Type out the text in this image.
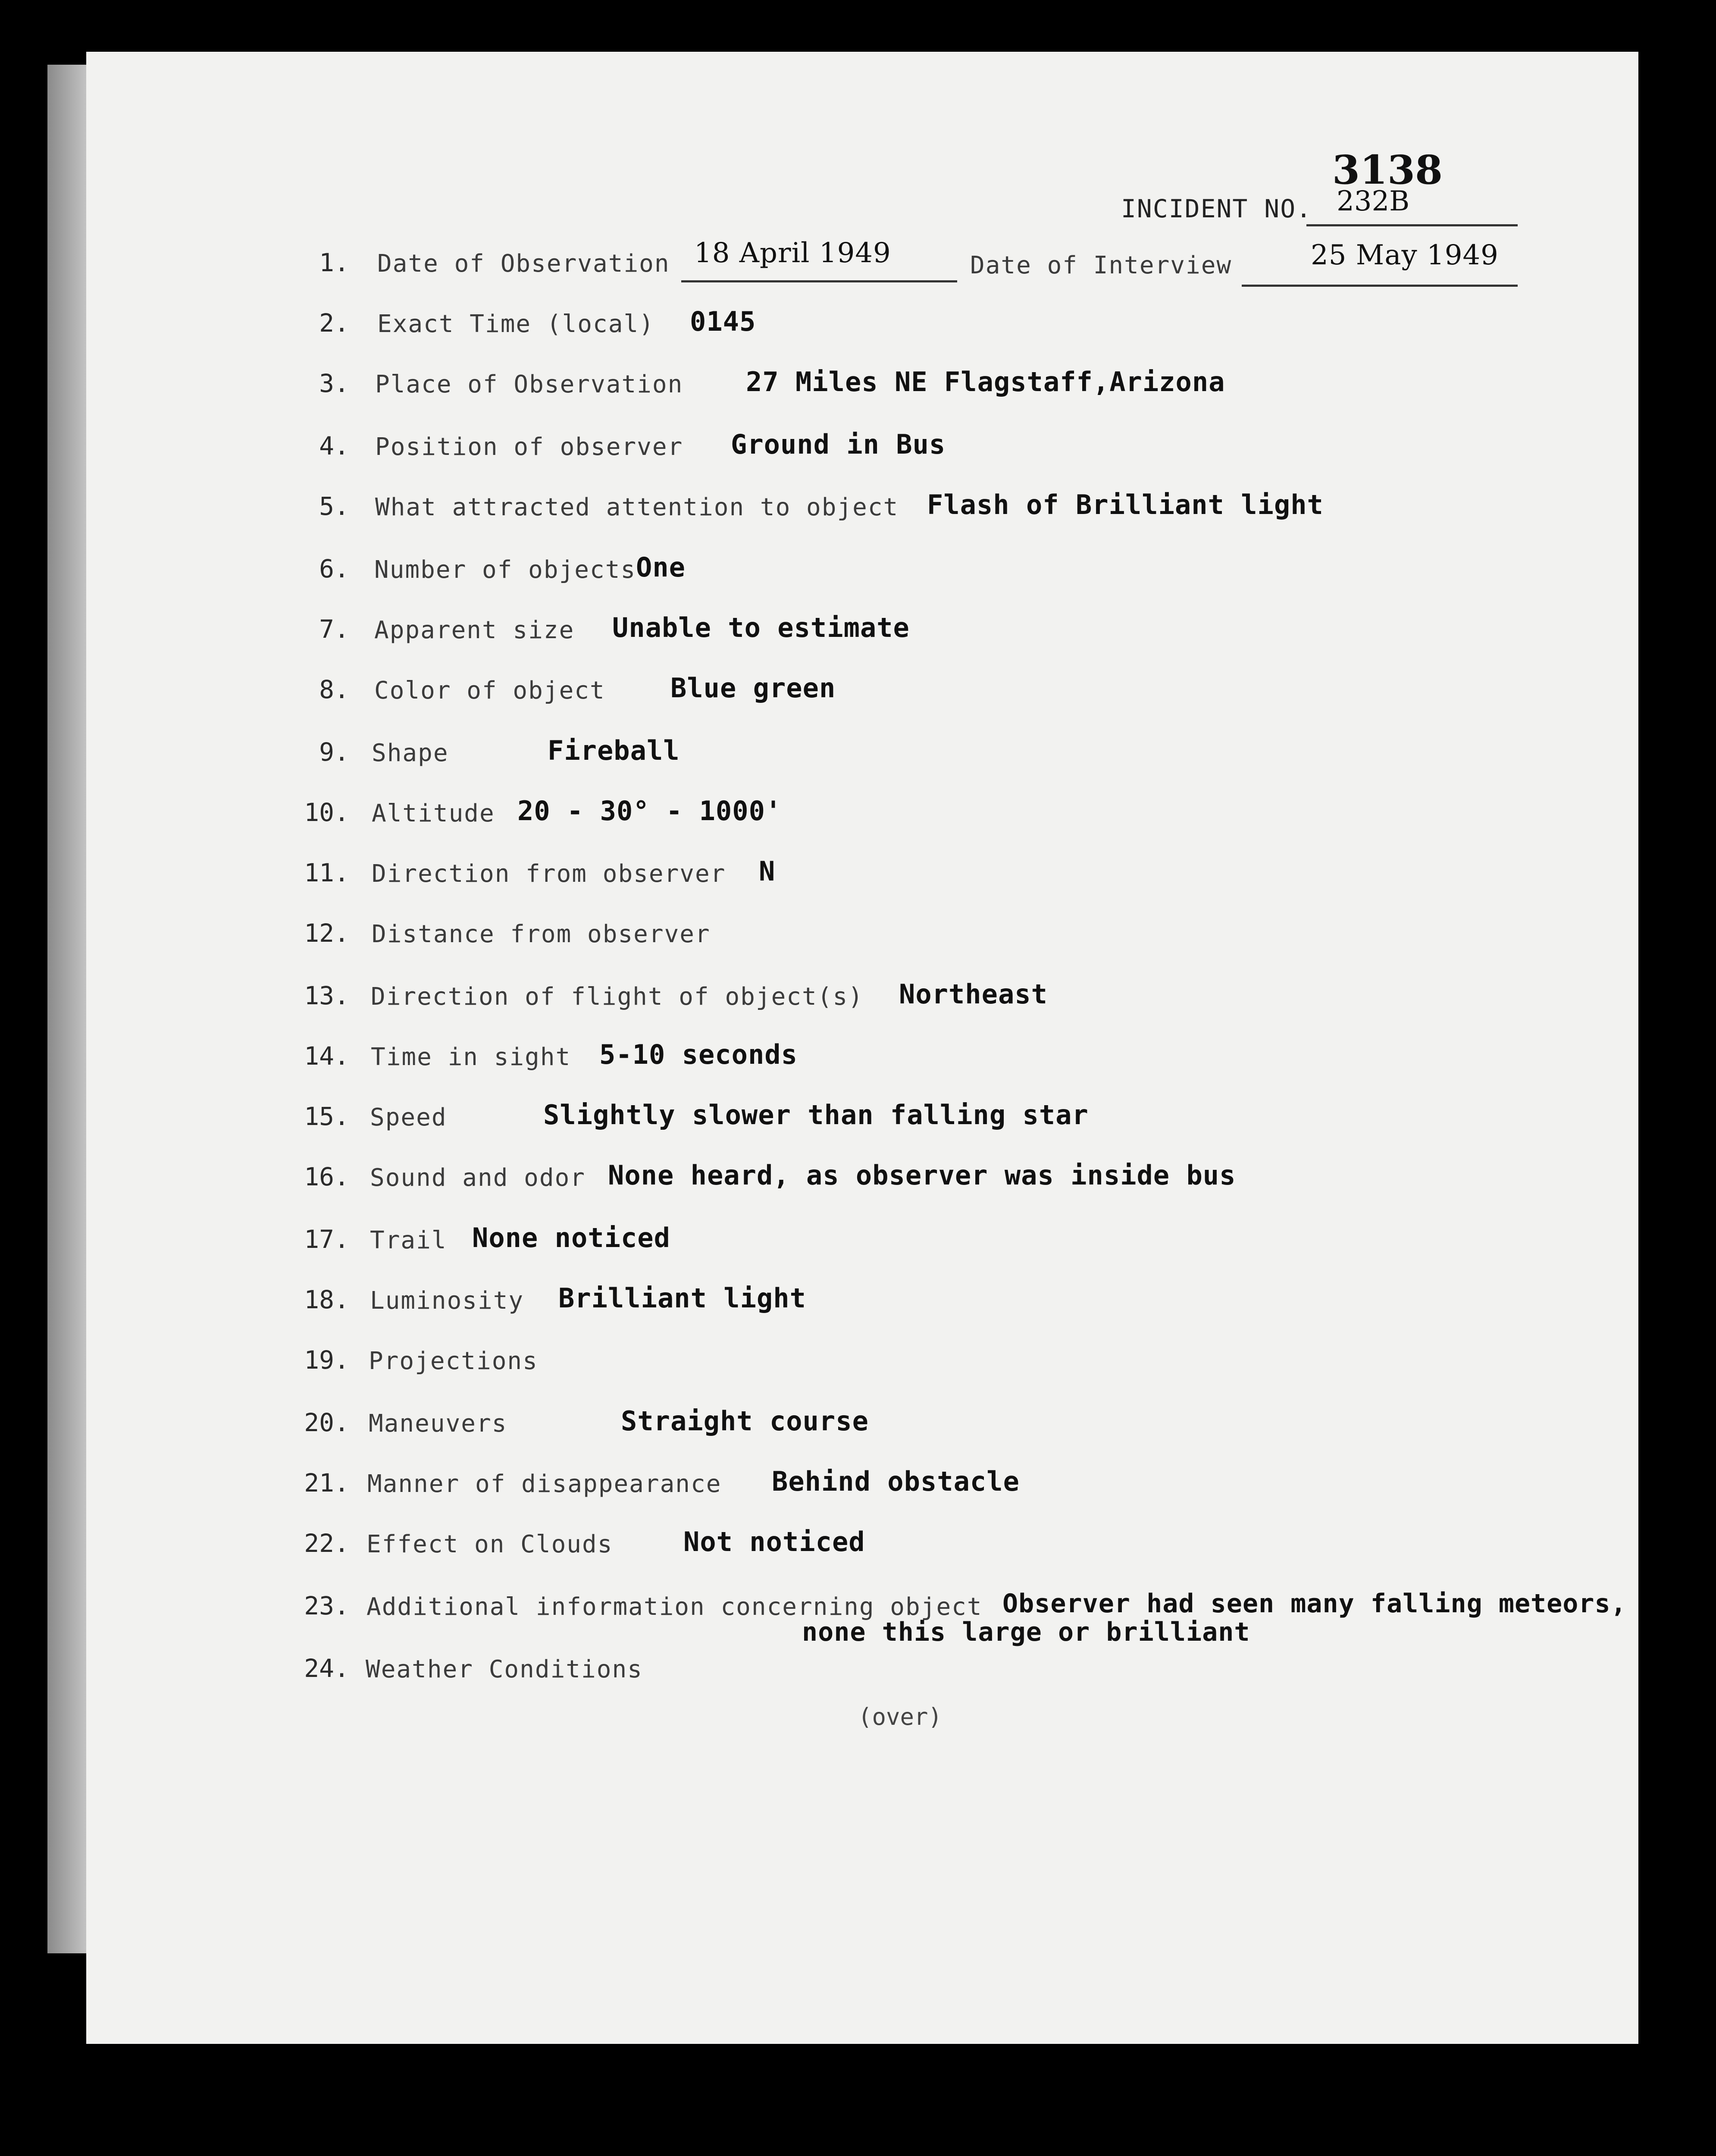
3138
INCIDENT NO. 232B
1. Date of Observation 18 April 1949	Date of Interview	25 May 1949
2. Exact Time (local) 0145
3. Place of Observation 27 Miles NE Flagstaff,Arizona
4. Position of observer Ground in Bus
5. What attracted attention to object Flash of Brilliant light
6. Number of objects One
7. Apparent size Unable to estimate
8. Color of object Blue green
9. Shape	Fireball
10. Altitude 20 - 30° - 1000'
11. Direction from observer N
12. Distance from observer
13. Direction of flight of object(s) Northeast
14. Time in sight 5-10 seconds
15. Speed	Slightly slower than falling star
16. Sound and odor None heard, as observer was inside bus
17. Trail None noticed
18. Luminosity Brilliant light
19. Projections
20. Maneuvers	Straight course
21. Manner of disappearance Behind obstacle
22. Effect on Clouds	Not noticed
23. Additional information concerning object Observer had seen many falling meteors,
none this large or brilliant
24. Weather Conditions
(over)
